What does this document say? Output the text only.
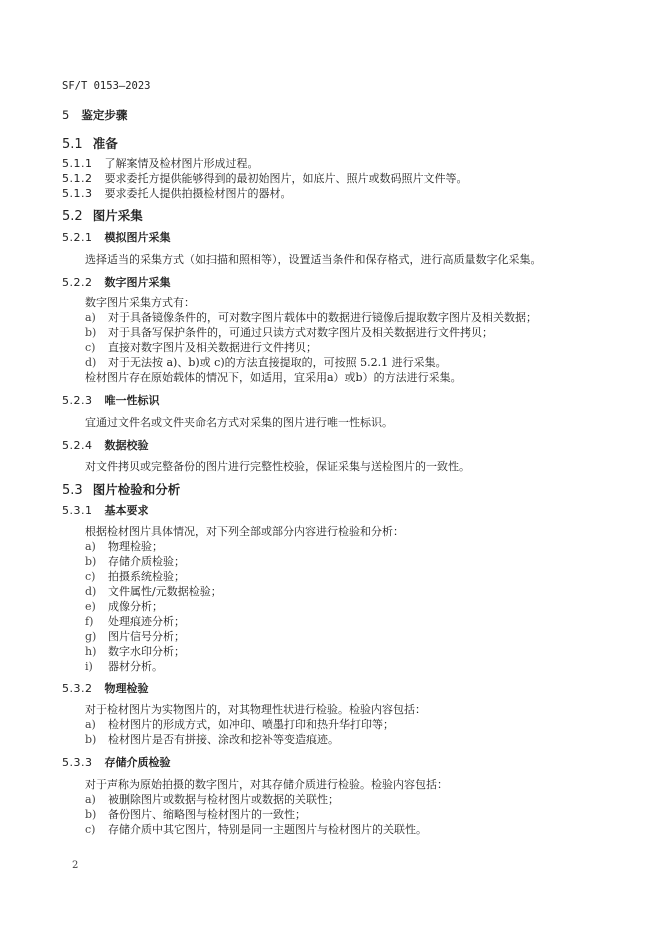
SF/T 0153—2023
5 鉴定步骤
5.1 准备
5.1.1 了解案情及检材图片形成过程。
5.1.2 要求委托方提供能够得到的最初始图片，如底片、照片或数码照片文件等。
5.1.3 要求委托人提供拍摄检材图片的器材。
5.2 图片采集
5.2.1 模拟图片采集
选择适当的采集方式（如扫描和照相等），设置适当条件和保存格式，进行高质量数字化采集。
5.2.2 数字图片采集
数字图片采集方式有：
a) 对于具备镜像条件的，可对数字图片载体中的数据进行镜像后提取数字图片及相关数据；
b) 对于具备写保护条件的，可通过只读方式对数字图片及相关数据进行文件拷贝；
c) 直接对数字图片及相关数据进行文件拷贝；
d) 对于无法按 a)、b)或 c)的方法直接提取的，可按照 5.2.1 进行采集。
检材图片存在原始载体的情况下，如适用，宜采用a）或b）的方法进行采集。
5.2.3 唯一性标识
宜通过文件名或文件夹命名方式对采集的图片进行唯一性标识。
5.2.4 数据校验
对文件拷贝或完整备份的图片进行完整性校验，保证采集与送检图片的一致性。
5.3 图片检验和分析
5.3.1 基本要求
根据检材图片具体情况，对下列全部或部分内容进行检验和分析：
a) 物理检验；
b) 存储介质检验；
c) 拍摄系统检验；
d) 文件属性/元数据检验；
e) 成像分析；
f) 处理痕迹分析；
g) 图片信号分析；
h) 数字水印分析；
i) 器材分析。
5.3.2 物理检验
对于检材图片为实物图片的，对其物理性状进行检验。检验内容包括：
a) 检材图片的形成方式，如冲印、喷墨打印和热升华打印等；
b) 检材图片是否有拼接、涂改和挖补等变造痕迹。
5.3.3 存储介质检验
对于声称为原始拍摄的数字图片，对其存储介质进行检验。检验内容包括：
a) 被删除图片或数据与检材图片或数据的关联性；
b) 备份图片、缩略图与检材图片的一致性；
c) 存储介质中其它图片，特别是同一主题图片与检材图片的关联性。
2
